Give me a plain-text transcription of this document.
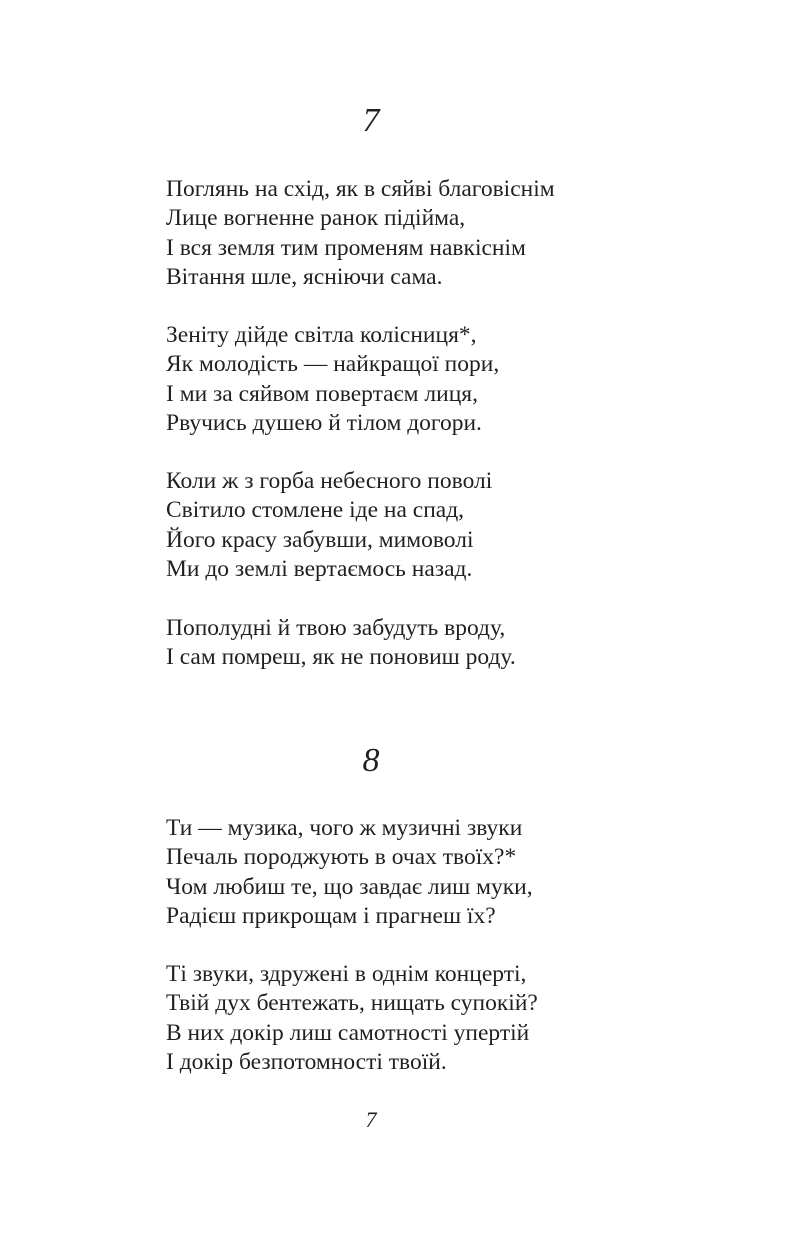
7
Поглянь на схід, як в сяйві благовіснім
Лице вогненне ранок підійма,
І вся земля тим променям навкіснім
Вітання шле, ясніючи сама.
Зеніту дійде світла колісниця*,
Як молодість — найкращої пори,
І ми за сяйвом повертаєм лиця,
Рвучись душею й тілом догори.
Коли ж з горба небесного поволі
Світило стомлене іде на спад,
Його красу забувши, мимоволі
Ми до землі вертаємось назад.
Пополудні й твою забудуть вроду,
І сам помреш, як не поновиш роду.
8
Ти — музика, чого ж музичні звуки
Печаль породжують в очах твоїх?*
Чом любиш те, що завдає лиш муки,
Радієш прикрощам і прагнеш їх?
Ті звуки, здружені в однім концерті,
Твій дух бентежать, нищать супокій?
В них докір лиш самотності упертій
І докір безпотомності твоїй.
7
